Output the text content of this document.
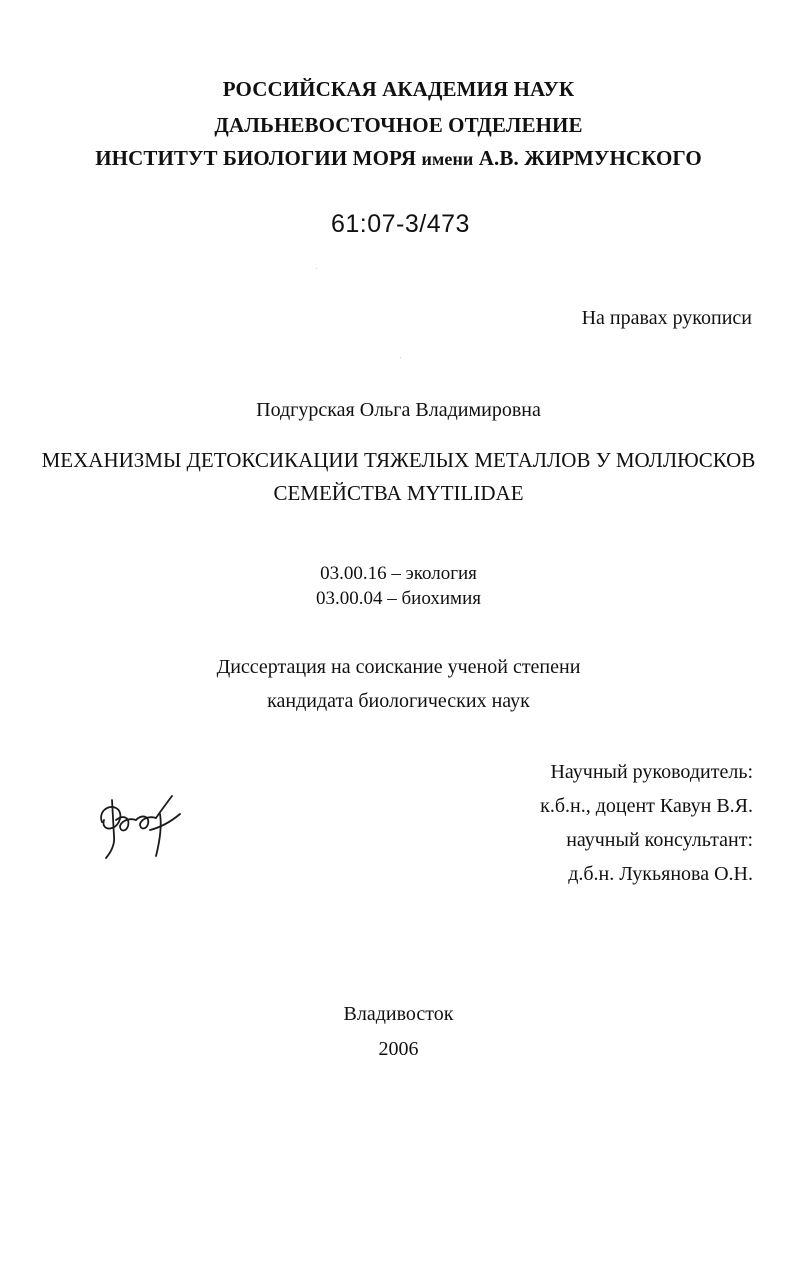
РОССИЙСКАЯ АКАДЕМИЯ НАУК
ДАЛЬНЕВОСТОЧНОЕ ОТДЕЛЕНИЕ
ИНСТИТУТ БИОЛОГИИ МОРЯ имени А.В. ЖИРМУНСКОГО
61:07-3/473
На правах рукописи
Подгурская Ольга Владимировна
МЕХАНИЗМЫ ДЕТОКСИКАЦИИ ТЯЖЕЛЫХ МЕТАЛЛОВ У МОЛЛЮСКОВ
СЕМЕЙСТВА MYTILIDAE
03.00.16 – экология
03.00.04 – биохимия
Диссертация на соискание ученой степени
кандидата биологических наук
Научный руководитель:
к.б.н., доцент Кавун В.Я.
научный консультант:
д.б.н. Лукьянова О.Н.
Владивосток
2006
